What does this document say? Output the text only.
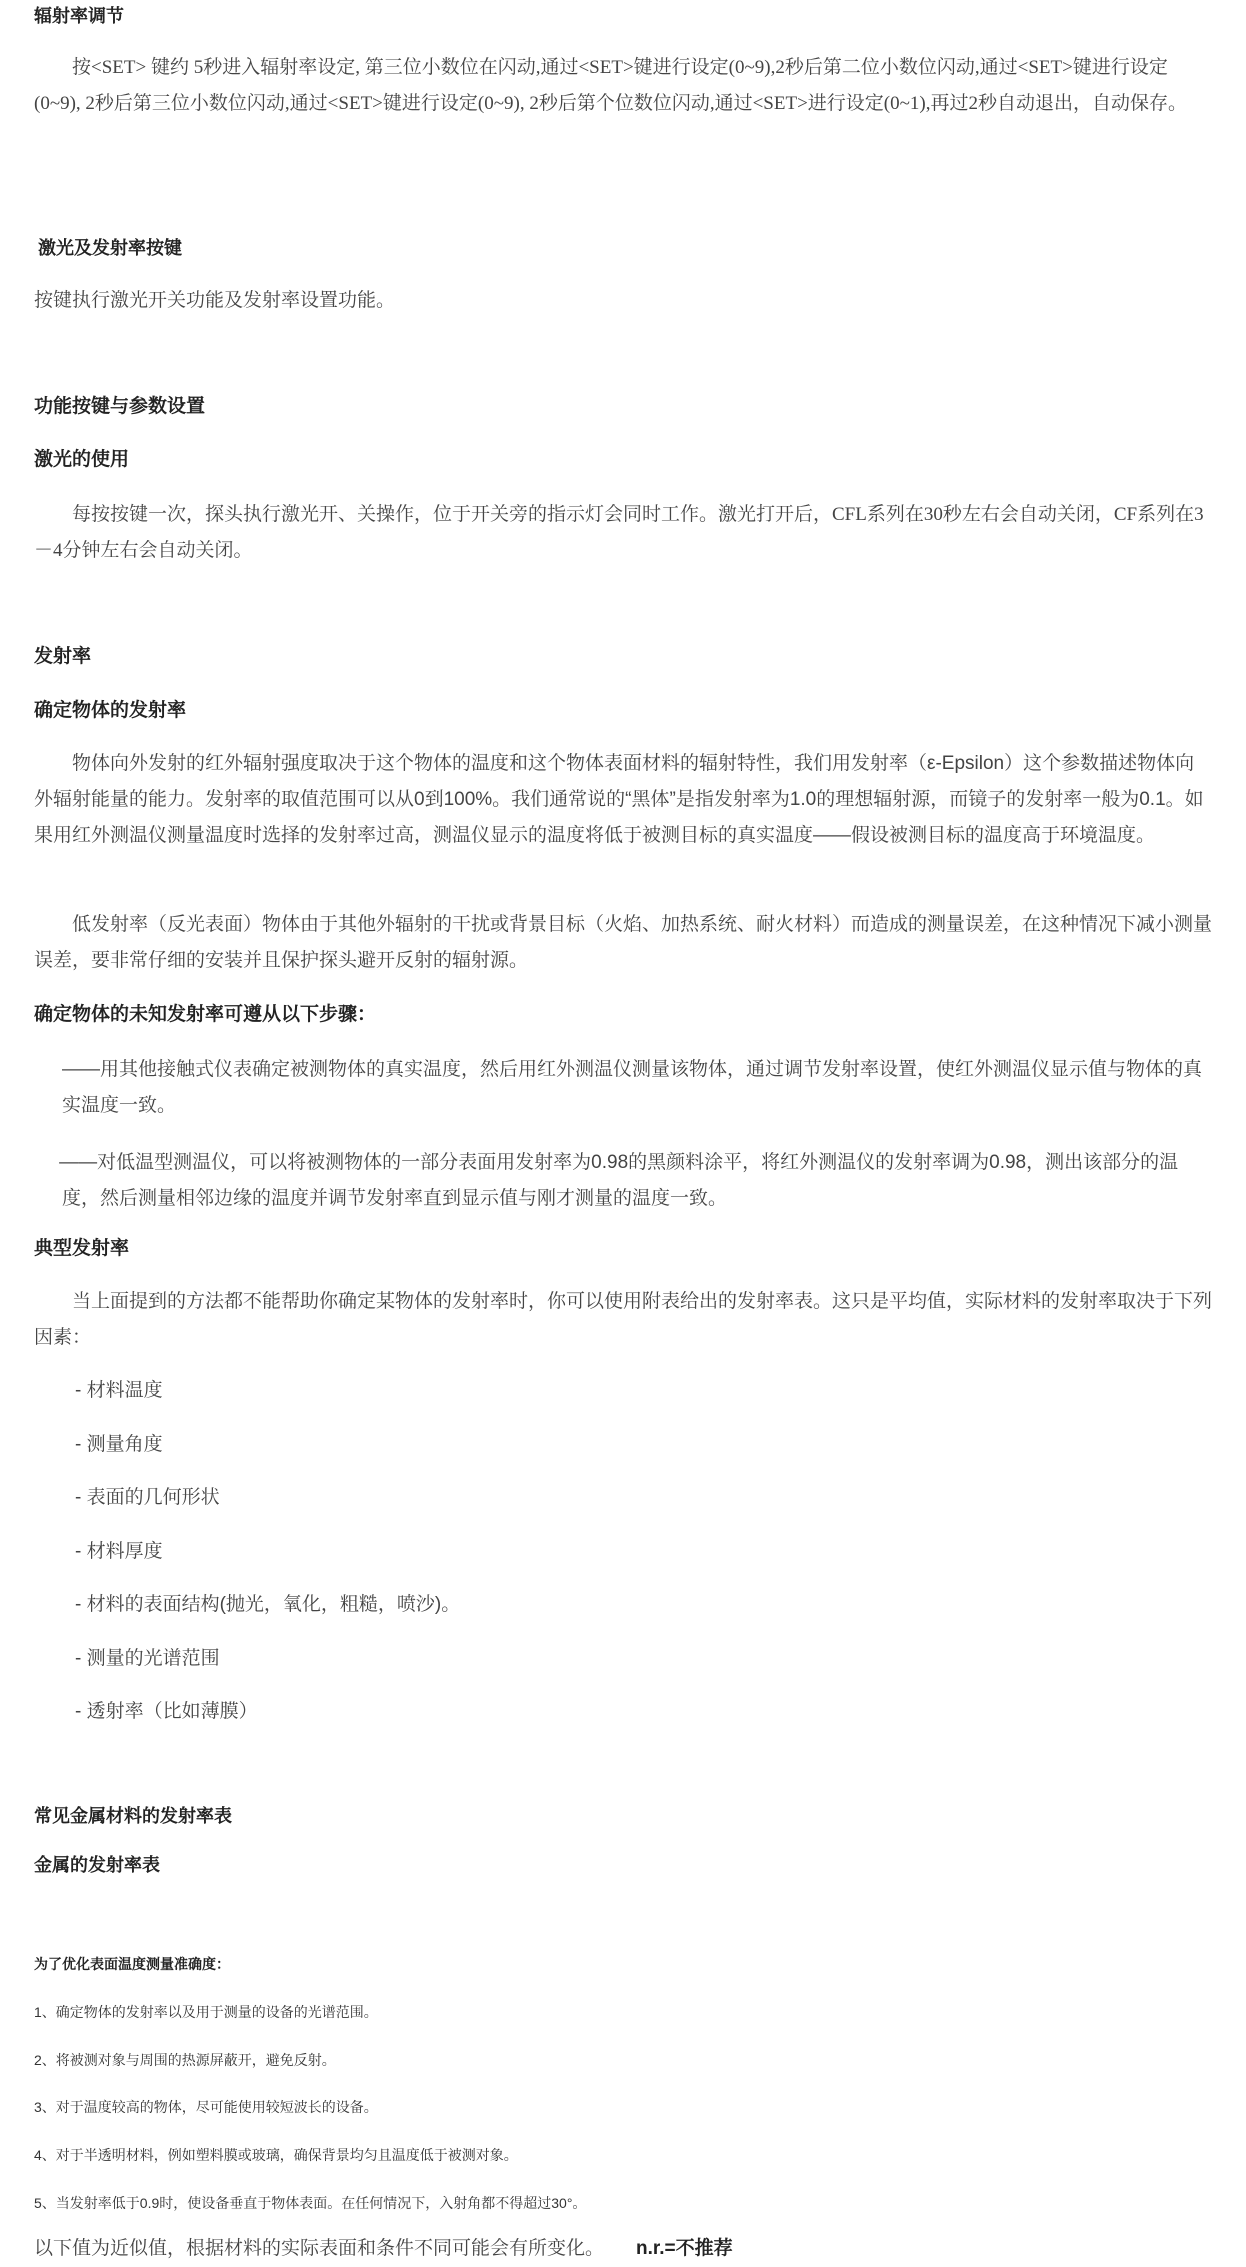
辐射率调节

按<SET> 键约 5秒进入辐射率设定, 第三位小数位在闪动,通过<SET>键进行设定(0~9),2秒后第二位小数位闪动,通过<SET>键进行设定(0~9), 2秒后第三位小数位闪动,通过<SET>键进行设定(0~9), 2秒后第个位数位闪动,通过<SET>进行设定(0~1),再过2秒自动退出，自动保存。

激光及发射率按键

按键执行激光开关功能及发射率设置功能。

功能按键与参数设置
激光的使用

每按按键一次，探头执行激光开、关操作，位于开关旁的指示灯会同时工作。激光打开后，CFL系列在30秒左右会自动关闭，CF系列在3－4分钟左右会自动关闭。

发射率
确定物体的发射率

物体向外发射的红外辐射强度取决于这个物体的温度和这个物体表面材料的辐射特性，我们用发射率（ε-Epsilon）这个参数描述物体向外辐射能量的能力。发射率的取值范围可以从0到100%。我们通常说的“黑体”是指发射率为1.0的理想辐射源，而镜子的发射率一般为0.1。如果用红外测温仪测量温度时选择的发射率过高，测温仪显示的温度将低于被测目标的真实温度——假设被测目标的温度高于环境温度。

低发射率（反光表面）物体由于其他外辐射的干扰或背景目标（火焰、加热系统、耐火材料）而造成的测量误差，在这种情况下减小测量误差，要非常仔细的安装并且保护探头避开反射的辐射源。

确定物体的未知发射率可遵从以下步骤：

——用其他接触式仪表确定被测物体的真实温度，然后用红外测温仪测量该物体，通过调节发射率设置，使红外测温仪显示值与物体的真实温度一致。

——对低温型测温仪，可以将被测物体的一部分表面用发射率为0.98的黑颜料涂平，将红外测温仪的发射率调为0.98，测出该部分的温度，然后测量相邻边缘的温度并调节发射率直到显示值与刚才测量的温度一致。

典型发射率

当上面提到的方法都不能帮助你确定某物体的发射率时，你可以使用附表给出的发射率表。这只是平均值，实际材料的发射率取决于下列因素：

- 材料温度

- 测量角度

- 表面的几何形状

- 材料厚度

- 材料的表面结构(抛光，氧化，粗糙，喷沙)。

- 测量的光谱范围

- 透射率（比如薄膜）

常见金属材料的发射率表
金属的发射率表

为了优化表面温度测量准确度：

1、确定物体的发射率以及用于测量的设备的光谱范围。

2、将被测对象与周围的热源屏蔽开，避免反射。

3、对于温度较高的物体，尽可能使用较短波长的设备。

4、对于半透明材料，例如塑料膜或玻璃，确保背景均匀且温度低于被测对象。

5、当发射率低于0.9时，使设备垂直于物体表面。在任何情况下，入射角都不得超过30°。

以下值为近似值，根据材料的实际表面和条件不同可能会有所变化。 n.r.=不推荐
